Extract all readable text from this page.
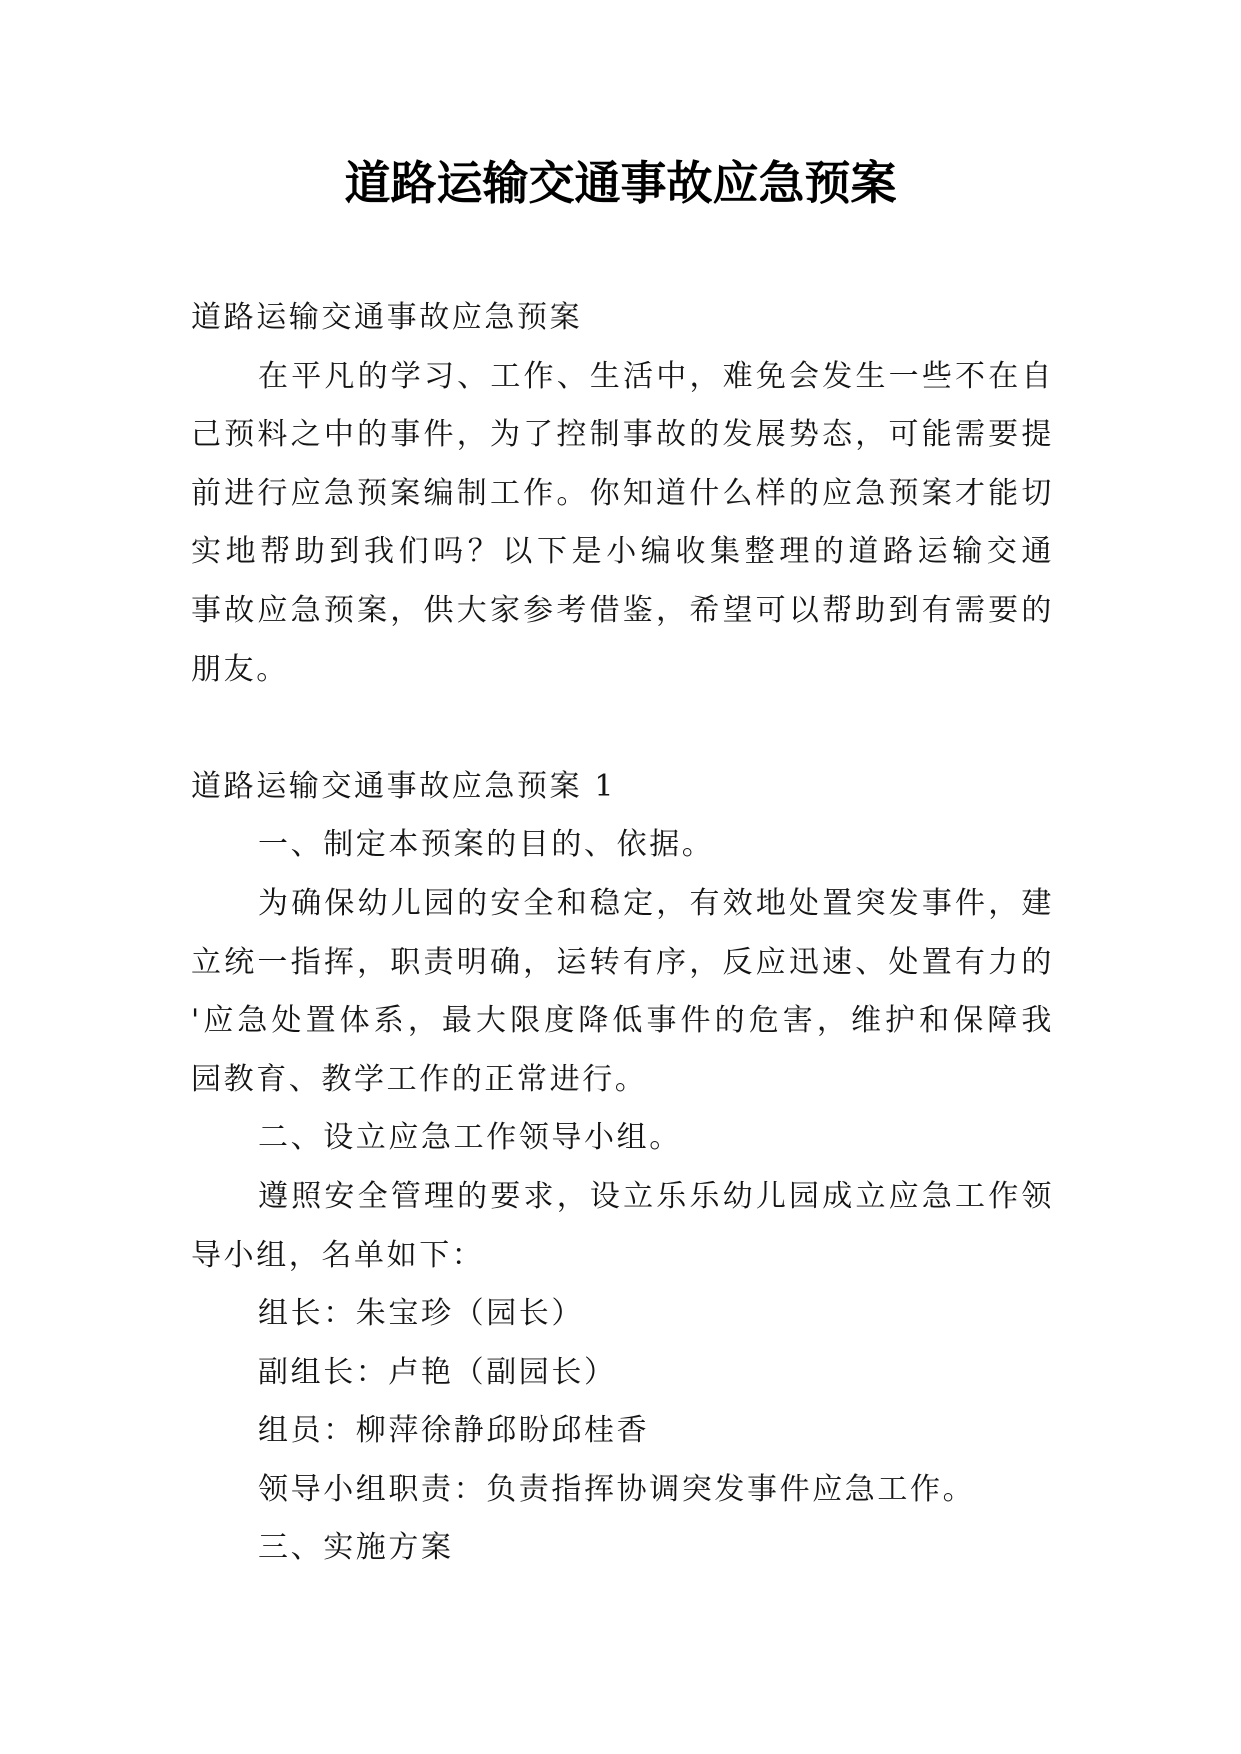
道路运输交通事故应急预案
道路运输交通事故应急预案
在平凡的学习、工作、生活中，难免会发生一些不在自
己预料之中的事件，为了控制事故的发展势态，可能需要提
前进行应急预案编制工作。你知道什么样的应急预案才能切
实地帮助到我们吗？以下是小编收集整理的道路运输交通
事故应急预案，供大家参考借鉴，希望可以帮助到有需要的
朋友。
道路运输交通事故应急预案 1
一、制定本预案的目的、依据。
为确保幼儿园的安全和稳定，有效地处置突发事件，建
立统一指挥，职责明确，运转有序，反应迅速、处置有力的
'应急处置体系，最大限度降低事件的危害，维护和保障我
园教育、教学工作的正常进行。
二、设立应急工作领导小组。
遵照安全管理的要求，设立乐乐幼儿园成立应急工作领
导小组，名单如下：
组长：朱宝珍（园长）
副组长：卢艳（副园长）
组员：柳萍徐静邱盼邱桂香
领导小组职责：负责指挥协调突发事件应急工作。
三、实施方案
